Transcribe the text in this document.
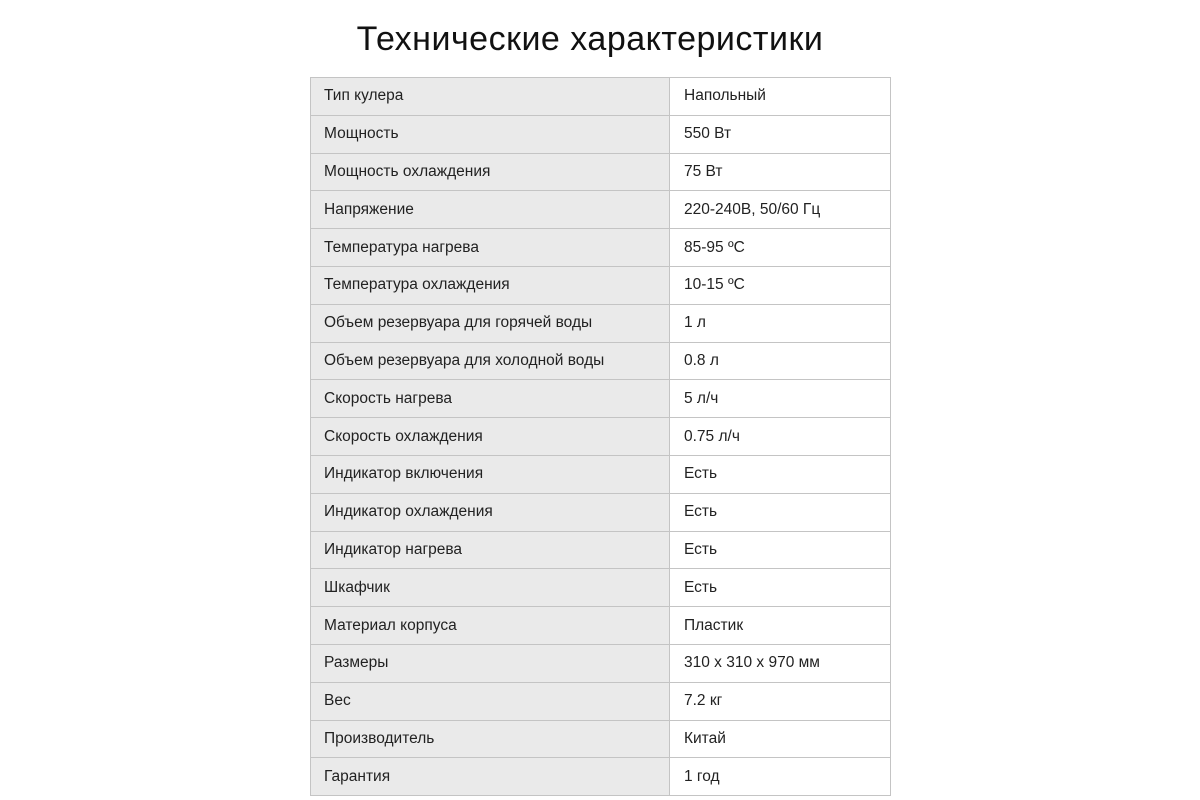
Технические характеристики
Тип кулера	Напольный
Мощность	550 Вт
Мощность охлаждения	75 Вт
Напряжение	220-240В, 50/60 Гц
Температура нагрева	85-95 ºС
Температура охлаждения	10-15 ºС
Объем резервуара для горячей воды	1 л
Объем резервуара для холодной воды	0.8 л
Скорость нагрева	5 л/ч
Скорость охлаждения	0.75 л/ч
Индикатор включения	Есть
Индикатор охлаждения	Есть
Индикатор нагрева	Есть
Шкафчик	Есть
Материал корпуса	Пластик
Размеры	310 х 310 х 970 мм
Вес	7.2 кг
Производитель	Китай
Гарантия	1 год
